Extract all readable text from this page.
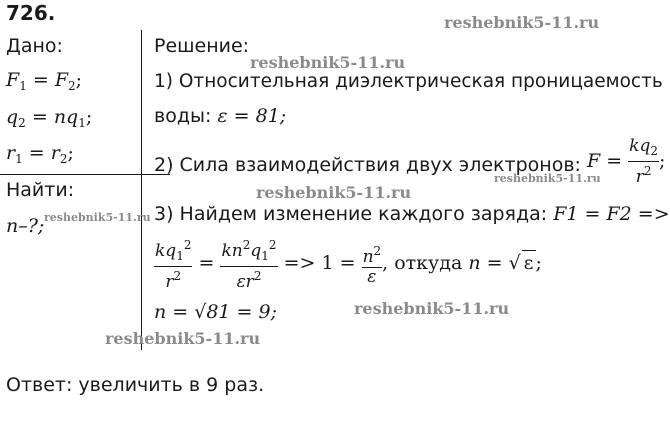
726.
Дано:
$F_1 = F_2$;
$q_2 = nq_1$;
$r_1 = r_2$;
Найти:
n–?;
Решение:
1) Относительная диэлектрическая проницаемость
воды: ε = 81;
2) Сила взаимодействия двух электронов: $F = \frac{kq_2}{r^2}$ ;
3) Найдем изменение каждого заряда: F1 = F2 =>
$\frac{kq_1^2}{r^2} = \frac{kn^2q_1^2}{\varepsilon r^2} => 1 = \frac{n^2}{\varepsilon}$ , откуда n = √ ε ;
n = √81 = 9;
Ответ: увеличить в 9 раз.
reshebnik5-11.ru
reshebnik5-11.ru
reshebnik5-11.ru
reshebnik5-11.ru
reshebnik5-11.ru
reshebnik5-11.ru
reshebnik5-11.ru
